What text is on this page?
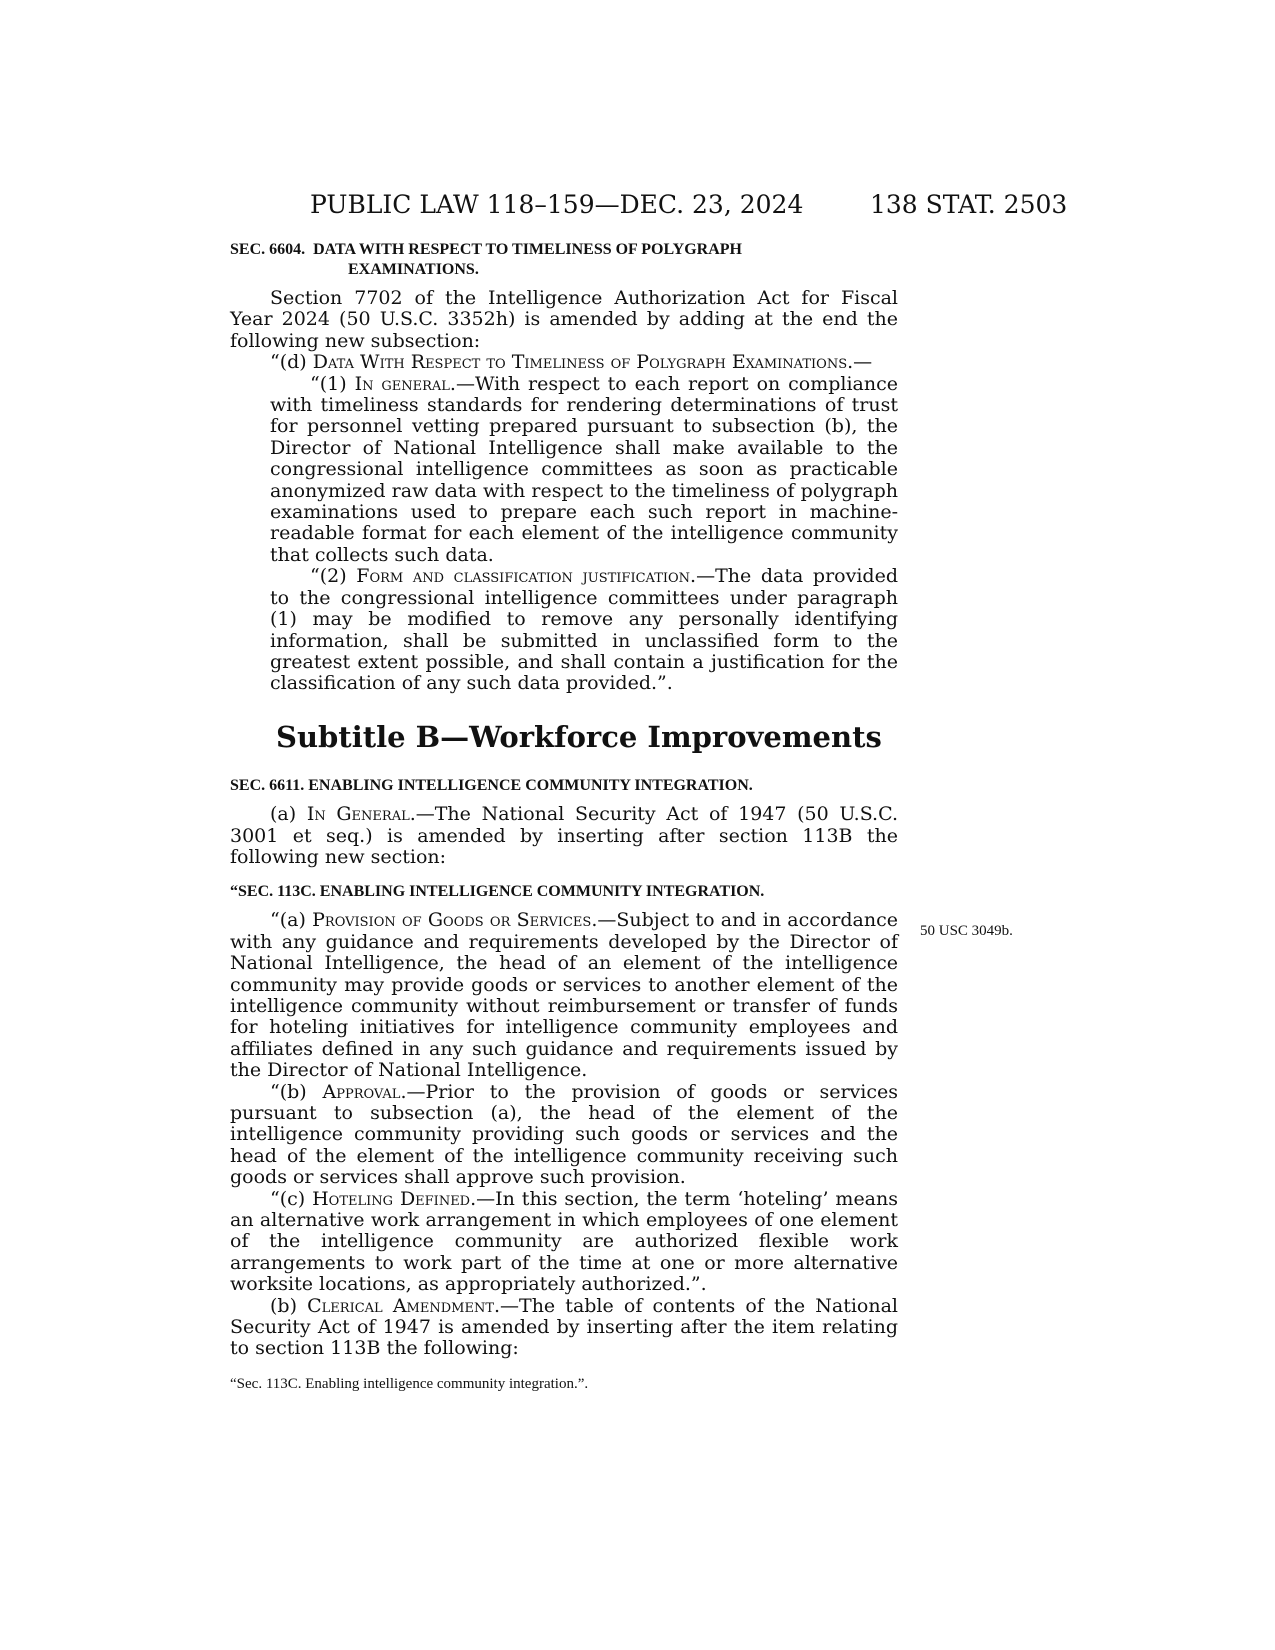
PUBLIC LAW 118–159—DEC. 23, 2024	138 STAT. 2503
50 USC 3049b.
SEC. 6604. DATA WITH RESPECT TO TIMELINESS OF POLYGRAPH
EXAMINATIONS.

Section 7702 of the Intelligence Authorization Act for Fiscal Year 2024 (50 U.S.C. 3352h) is amended by adding at the end the following new subsection:

“(d) Data With Respect to Timeliness of Polygraph Examinations.—

“(1) In general.—With respect to each report on compliance with timeliness standards for rendering determinations of trust for personnel vetting prepared pursuant to subsection (b), the Director of National Intelligence shall make available to the congressional intelligence committees as soon as practicable anonymized raw data with respect to the timeliness of polygraph examinations used to prepare each such report in machine-readable format for each element of the intelligence community that collects such data.

“(2) Form and classification justification.—The data provided to the congressional intelligence committees under paragraph (1) may be modified to remove any personally identifying information, shall be submitted in unclassified form to the greatest extent possible, and shall contain a justification for the classification of any such data provided.”.

Subtitle B—Workforce Improvements
SEC. 6611. ENABLING INTELLIGENCE COMMUNITY INTEGRATION.

(a) In General.—The National Security Act of 1947 (50 U.S.C. 3001 et seq.) is amended by inserting after section 113B the following new section:

“SEC. 113C. ENABLING INTELLIGENCE COMMUNITY INTEGRATION.

“(a) Provision of Goods or Services.—Subject to and in accordance with any guidance and requirements developed by the Director of National Intelligence, the head of an element of the intelligence community may provide goods or services to another element of the intelligence community without reimbursement or transfer of funds for hoteling initiatives for intelligence community employees and affiliates defined in any such guidance and requirements issued by the Director of National Intelligence.

“(b) Approval.—Prior to the provision of goods or services pursuant to subsection (a), the head of the element of the intelligence community providing such goods or services and the head of the element of the intelligence community receiving such goods or services shall approve such provision.

“(c) Hoteling Defined.—In this section, the term ‘hoteling’ means an alternative work arrangement in which employees of one element of the intelligence community are authorized flexible work arrangements to work part of the time at one or more alternative worksite locations, as appropriately authorized.”.

(b) Clerical Amendment.—The table of contents of the National Security Act of 1947 is amended by inserting after the item relating to section 113B the following:

“Sec. 113C. Enabling intelligence community integration.”.
